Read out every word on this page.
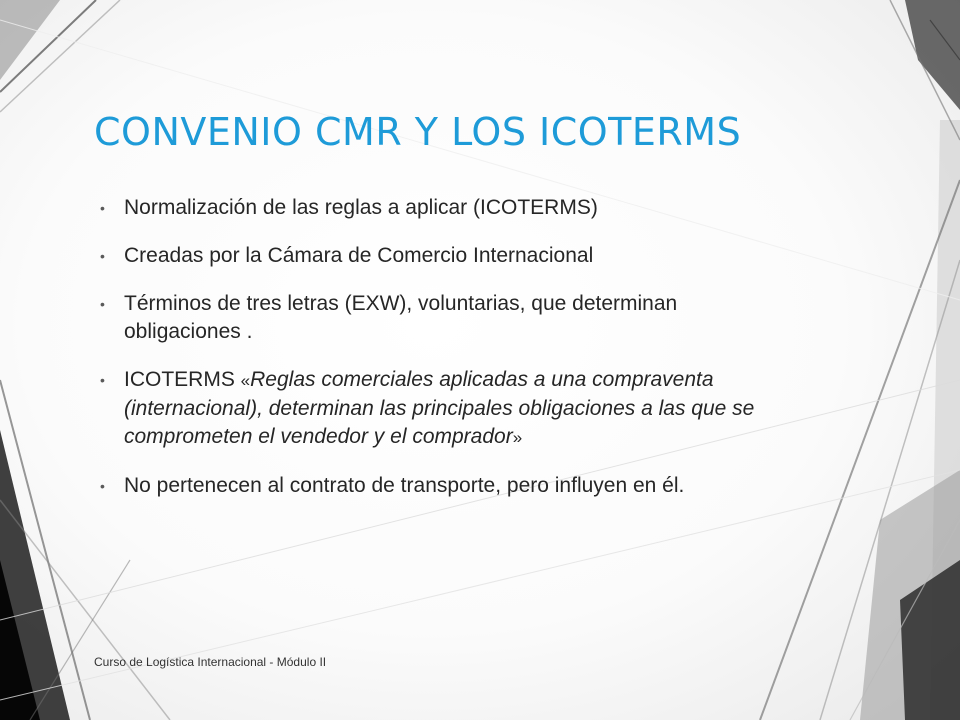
CONVENIO CMR Y LOS ICOTERMS
• Normalización de las reglas a aplicar (ICOTERMS)
• Creadas por la Cámara de Comercio Internacional
• Términos de tres letras (EXW), voluntarias, que determinan obligaciones .
• ICOTERMS «Reglas comerciales aplicadas a una compraventa (internacional), determinan las principales obligaciones a las que se comprometen el vendedor y el comprador»
• No pertenecen al contrato de transporte, pero influyen en él.
Curso de Logística Internacional - Módulo II
